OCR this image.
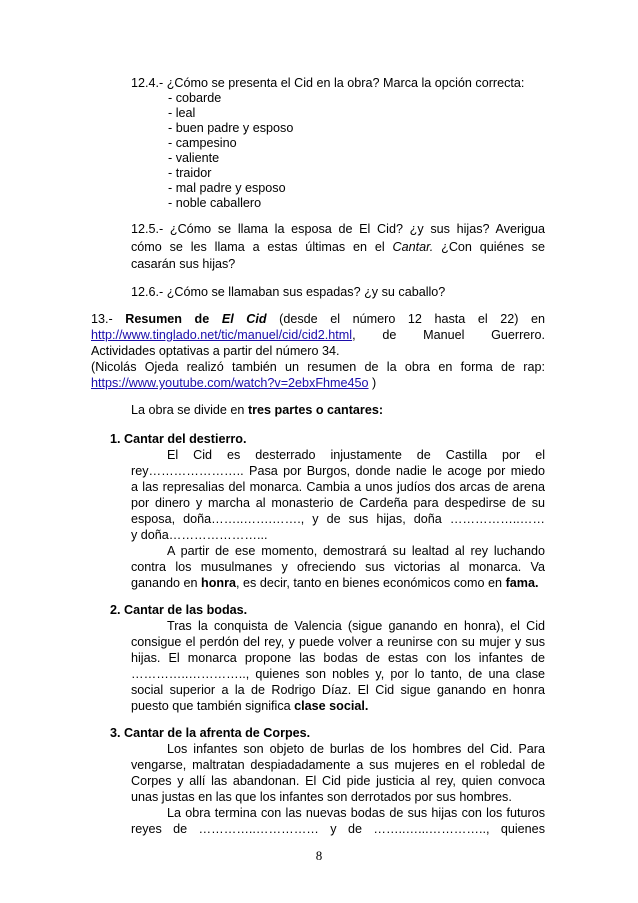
12.4.- ¿Cómo se presenta el Cid en la obra? Marca la opción correcta:
- cobarde
- leal
- buen padre y esposo
- campesino
- valiente
- traidor
- mal padre y esposo
- noble caballero
12.5.- ¿Cómo se llama la esposa de El Cid? ¿y sus hijas? Averigua
cómo se les llama a estas últimas en el Cantar. ¿Con quiénes se
casarán sus hijas?
12.6.- ¿Cómo se llamaban sus espadas? ¿y su caballo?
13.- Resumen de El Cid (desde el número 12 hasta el 22) en
http://www.tinglado.net/tic/manuel/cid/cid2.html, de Manuel Guerrero.
Actividades optativas a partir del número 34.
(Nicolás Ojeda realizó también un resumen de la obra en forma de rap:
https://www.youtube.com/watch?v=2ebxFhme45o )
La obra se divide en tres partes o cantares:
1. Cantar del destierro.
El Cid es desterrado injustamente de Castilla por el
rey………………….. Pasa por Burgos, donde nadie le acoge por miedo
a las represalias del monarca. Cambia a unos judíos dos arcas de arena
por dinero y marcha al monasterio de Cardeña para despedirse de su
esposa, doña……..…….……., y de sus hijas, doña ……………..……
y doña…………………...
A partir de ese momento, demostrará su lealtad al rey luchando
contra los musulmanes y ofreciendo sus victorias al monarca. Va
ganando en honra, es decir, tanto en bienes económicos como en fama.
2. Cantar de las bodas.
Tras la conquista de Valencia (sigue ganando en honra), el Cid
consigue el perdón del rey, y puede volver a reunirse con su mujer y sus
hijas. El monarca propone las bodas de estas con los infantes de
…………..………….., quienes son nobles y, por lo tanto, de una clase
social superior a la de Rodrigo Díaz. El Cid sigue ganando en honra
puesto que también significa clase social.
3. Cantar de la afrenta de Corpes.
Los infantes son objeto de burlas de los hombres del Cid. Para
vengarse, maltratan despiadadamente a sus mujeres en el robledal de
Corpes y allí las abandonan. El Cid pide justicia al rey, quien convoca
unas justas en las que los infantes son derrotados por sus hombres.
La obra termina con las nuevas bodas de sus hijas con los futuros
reyes de …………..…………… y de ……..…...………….., quienes
8
